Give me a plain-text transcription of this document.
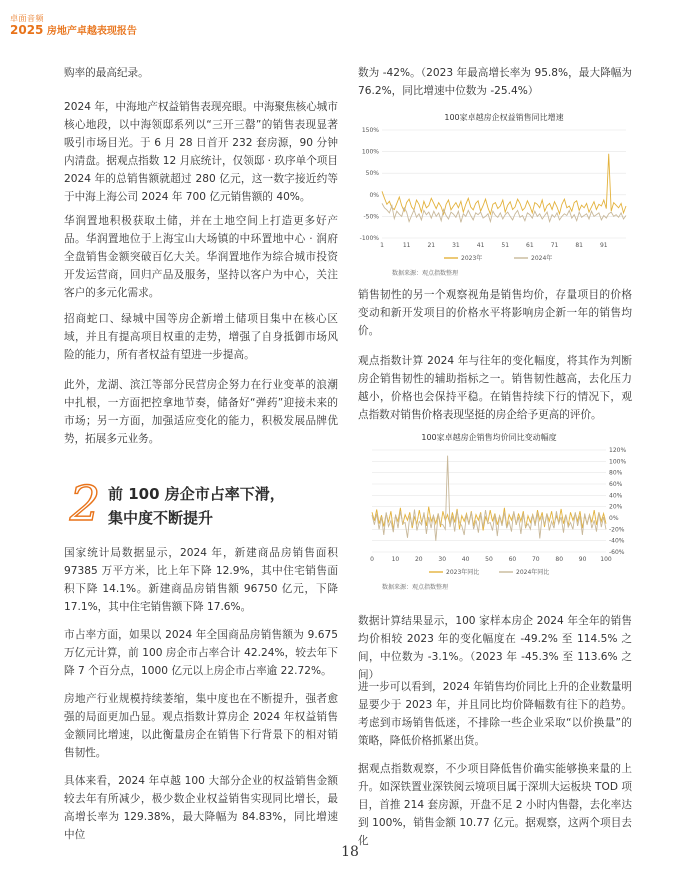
卓面音频
2025 房地产卓越表现报告
购率的最高纪录。
2024 年，中海地产权益销售表现亮眼。中海聚焦核心城市核心地段，以中海领邸系列以“三开三罄”的销售表现显著吸引市场目光。于 6 月 28 日首开 232 套房源，90 分钟内清盘。据观点指数 12 月底统计，仅领邸 · 玖序单个项目 2024 年的总销售额就超过 280 亿元，这一数字接近约等于中海上海公司 2024 年 700 亿元销售额的 40%。
华润置地积极获取土储，并在土地空间上打造更多好产品。华润置地位于上海宝山大场镇的中环置地中心 · 润府全盘销售金额突破百亿大关。华润置地作为综合城市投资开发运营商，回归产品及服务，坚持以客户为中心，关注客户的多元化需求。
招商蛇口、绿城中国等房企新增土储项目集中在核心区域，并且有提高项目权重的走势，增强了自身抵御市场风险的能力，所有者权益有望进一步提高。
此外，龙湖、滨江等部分民营房企努力在行业变革的浪潮中扎根，一方面把控拿地节奏，储备好“弹药”迎接未来的市场；另一方面，加强适应变化的能力，积极发展品牌优势，拓展多元业务。
2 前 100 房企市占率下滑，
集中度不断提升
国家统计局数据显示，2024 年，新建商品房销售面积 97385 万平方米，比上年下降 12.9%，其中住宅销售面积下降 14.1%。新建商品房销售额 96750 亿元，下降 17.1%，其中住宅销售额下降 17.6%。
市占率方面，如果以 2024 年全国商品房销售额为 9.675 万亿元计算，前 100 房企市占率合计 42.24%，较去年下降 7 个百分点，1000 亿元以上房企市占率逾 22.72%。
房地产行业规模持续萎缩，集中度也在不断提升，强者愈强的局面更加凸显。观点指数计算房企 2024 年权益销售金额同比增速，以此衡量房企在销售下行背景下的相对销售韧性。
具体来看，2024 年卓越 100 大部分企业的权益销售金额较去年有所减少，极少数企业权益销售实现同比增长，最高增长率为 129.38%，最大降幅为 84.83%，同比增速中位
数为 -42%。（2023 年最高增长率为 95.8%，最大降幅为 76.2%，同比增速中位数为 -25.4%）
100家卓越房企权益销售同比增速
150%
100%
50%
0%
-50%
-100%
1	11	21	31	41	51	61	71	81	91
2023年	2024年
数据来源：观点指数整理
销售韧性的另一个观察视角是销售均价，存量项目的价格变动和新开发项目的价格水平将影响房企新一年的销售均价。
观点指数计算 2024 年与往年的变化幅度，将其作为判断房企销售韧性的辅助指标之一。销售韧性越高，去化压力越小，价格也会保持平稳。在销售持续下行的情况下，观点指数对销售价格表现坚挺的房企给予更高的评价。
100家卓越房企销售均价同比变动幅度
120%
100%
80%
60%
40%
20%
0%
-20%
-40%
-60%
0	10	20	30	40	50	60	70	80	90 100
2023年同比	2024年同比
数据来源：观点指数整理
数据计算结果显示，100 家样本房企 2024 年全年的销售均价相较 2023 年的变化幅度在 -49.2% 至 114.5% 之间，中位数为 -3.1%。（2023 年 -45.3% 至 113.6% 之间）
进一步可以看到，2024 年销售均价同比上升的企业数量明显要少于 2023 年，并且同比均价降幅数有往下的趋势。考虑到市场销售低迷，不排除一些企业采取“以价换量”的策略，降低价格抓紧出货。
据观点指数观察，不少项目降低售价确实能够换来量的上升。如深铁置业深铁阅云境项目属于深圳大运板块 TOD 项目，首推 214 套房源，开盘不足 2 小时内售罄，去化率达到 100%，销售金额 10.77 亿元。据观察，这两个项目去化
18
